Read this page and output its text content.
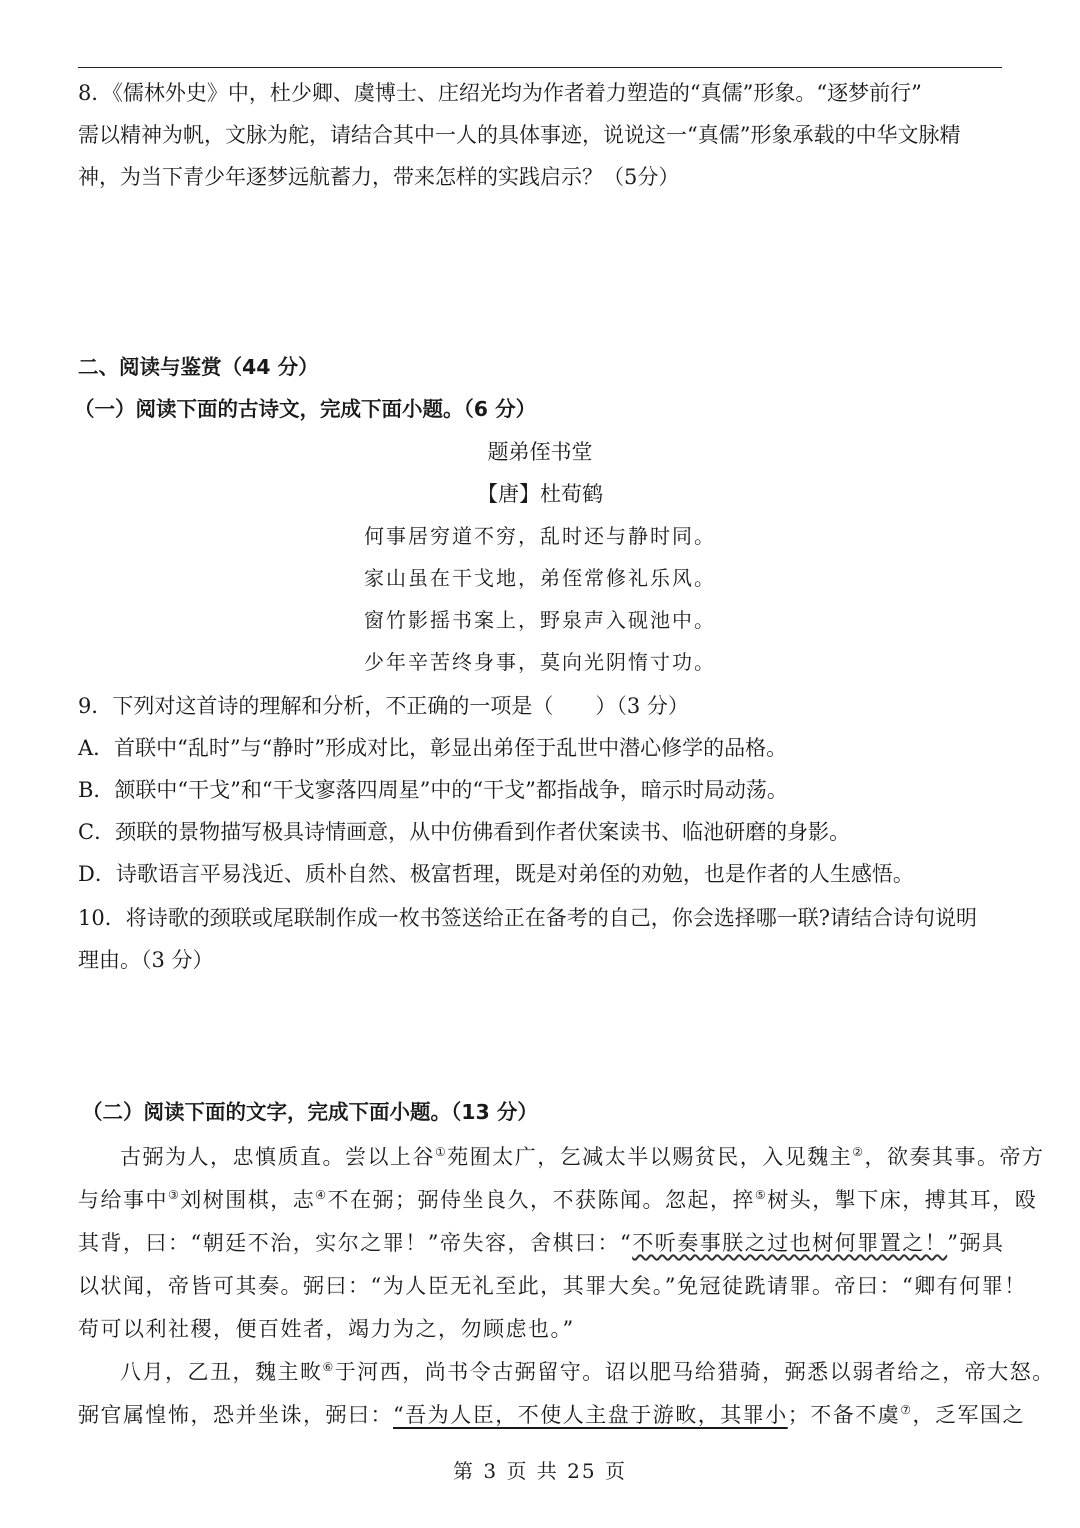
8．《儒林外史》中，杜少卿、虞博士、庄绍光均为作者着力塑造的“真儒”形象。“逐梦前行”
需以精神为帆，文脉为舵，请结合其中一人的具体事迹，说说这一“真儒”形象承载的中华文脉精
神，为当下青少年逐梦远航蓄力，带来怎样的实践启示？（5分）

二、阅读与鉴赏（44 分）

（一）阅读下面的古诗文，完成下面小题。（6 分）

题弟侄书堂

【唐】杜荀鹤

何事居穷道不穷，乱时还与静时同。
家山虽在干戈地，弟侄常修礼乐风。
窗竹影摇书案上，野泉声入砚池中。
少年辛苦终身事，莫向光阴惰寸功。
9．下列对这首诗的理解和分析，不正确的一项是（　　）（3 分）
A．首联中“乱时”与“静时”形成对比，彰显出弟侄于乱世中潜心修学的品格。
B．颔联中“干戈”和“干戈寥落四周星”中的“干戈”都指战争，暗示时局动荡。
C．颈联的景物描写极具诗情画意，从中仿佛看到作者伏案读书、临池研磨的身影。
D．诗歌语言平易浅近、质朴自然、极富哲理，既是对弟侄的劝勉，也是作者的人生感悟。
10．将诗歌的颈联或尾联制作成一枚书签送给正在备考的自己，你会选择哪一联?请结合诗句说明
理由。（3 分）

（二）阅读下面的文字，完成下面小题。（13 分）

古弼为人，忠慎质直。尝以上谷①苑囿太广，乞减太半以赐贫民，入见魏主②，欲奏其事。帝方
与给事中③刘树围棋，志④不在弼；弼侍坐良久，不获陈闻。忽起，捽⑤树头，掣下床，搏其耳，殴
其背，曰：“朝廷不治，实尔之罪！”帝失容，舍棋曰：“不听奏事朕之过也树何罪置之！”弼具
以状闻，帝皆可其奏。弼曰：“为人臣无礼至此，其罪大矣。”免冠徒跣请罪。帝曰：“卿有何罪！
苟可以利社稷，便百姓者，竭力为之，勿顾虑也。”
八月，乙丑，魏主畋⑥于河西，尚书令古弼留守。诏以肥马给猎骑，弼悉以弱者给之，帝大怒。
弼官属惶怖，恐并坐诛，弼曰：“吾为人臣，不使人主盘于游畋，其罪小；不备不虞⑦，乏军国之
第 3 页 共 25 页
